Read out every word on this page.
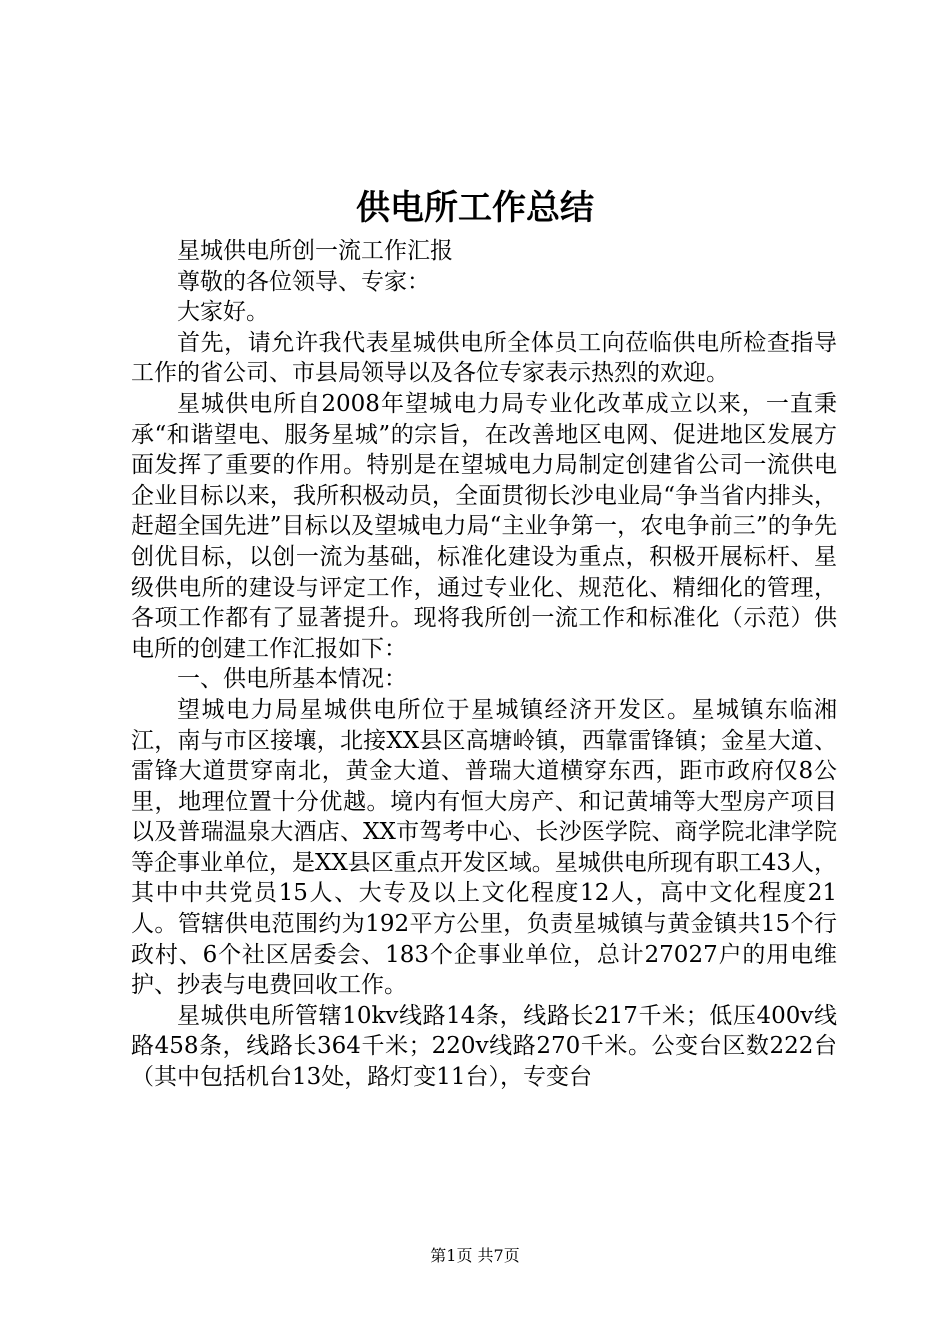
供电所工作总结

星城供电所创一流工作汇报

尊敬的各位领导、专家：

大家好。

首先，请允许我代表星城供电所全体员工向莅临供电所检查指导工作的省公司、市县局领导以及各位专家表示热烈的欢迎。

星城供电所自2008年望城电力局专业化改革成立以来，一直秉承“和谐望电、服务星城”的宗旨，在改善地区电网、促进地区发展方面发挥了重要的作用。特别是在望城电力局制定创建省公司一流供电企业目标以来，我所积极动员，全面贯彻长沙电业局“争当省内排头，赶超全国先进”目标以及望城电力局“主业争第一，农电争前三”的争先创优目标，以创一流为基础，标准化建设为重点，积极开展标杆、星级供电所的建设与评定工作，通过专业化、规范化、精细化的管理，各项工作都有了显著提升。现将我所创一流工作和标准化（示范）供电所的创建工作汇报如下：

一、供电所基本情况：

望城电力局星城供电所位于星城镇经济开发区。星城镇东临湘江，南与市区接壤，北接XX县区高塘岭镇，西靠雷锋镇；金星大道、雷锋大道贯穿南北，黄金大道、普瑞大道横穿东西，距市政府仅8公里，地理位置十分优越。境内有恒大房产、和记黄埔等大型房产项目以及普瑞温泉大酒店、XX市驾考中心、长沙医学院、商学院北津学院等企事业单位，是XX县区重点开发区域。星城供电所现有职工43人，其中中共党员15人、大专及以上文化程度12人，高中文化程度21人。管辖供电范围约为192平方公里，负责星城镇与黄金镇共15个行政村、6个社区居委会、183个企事业单位，总计27027户的用电维护、抄表与电费回收工作。

星城供电所管辖10kv线路14条，线路长217千米；低压400v线路458条，线路长364千米；220v线路270千米。公变台区数222台（其中包括机台13处，路灯变11台），专变台

第1页 共7页
